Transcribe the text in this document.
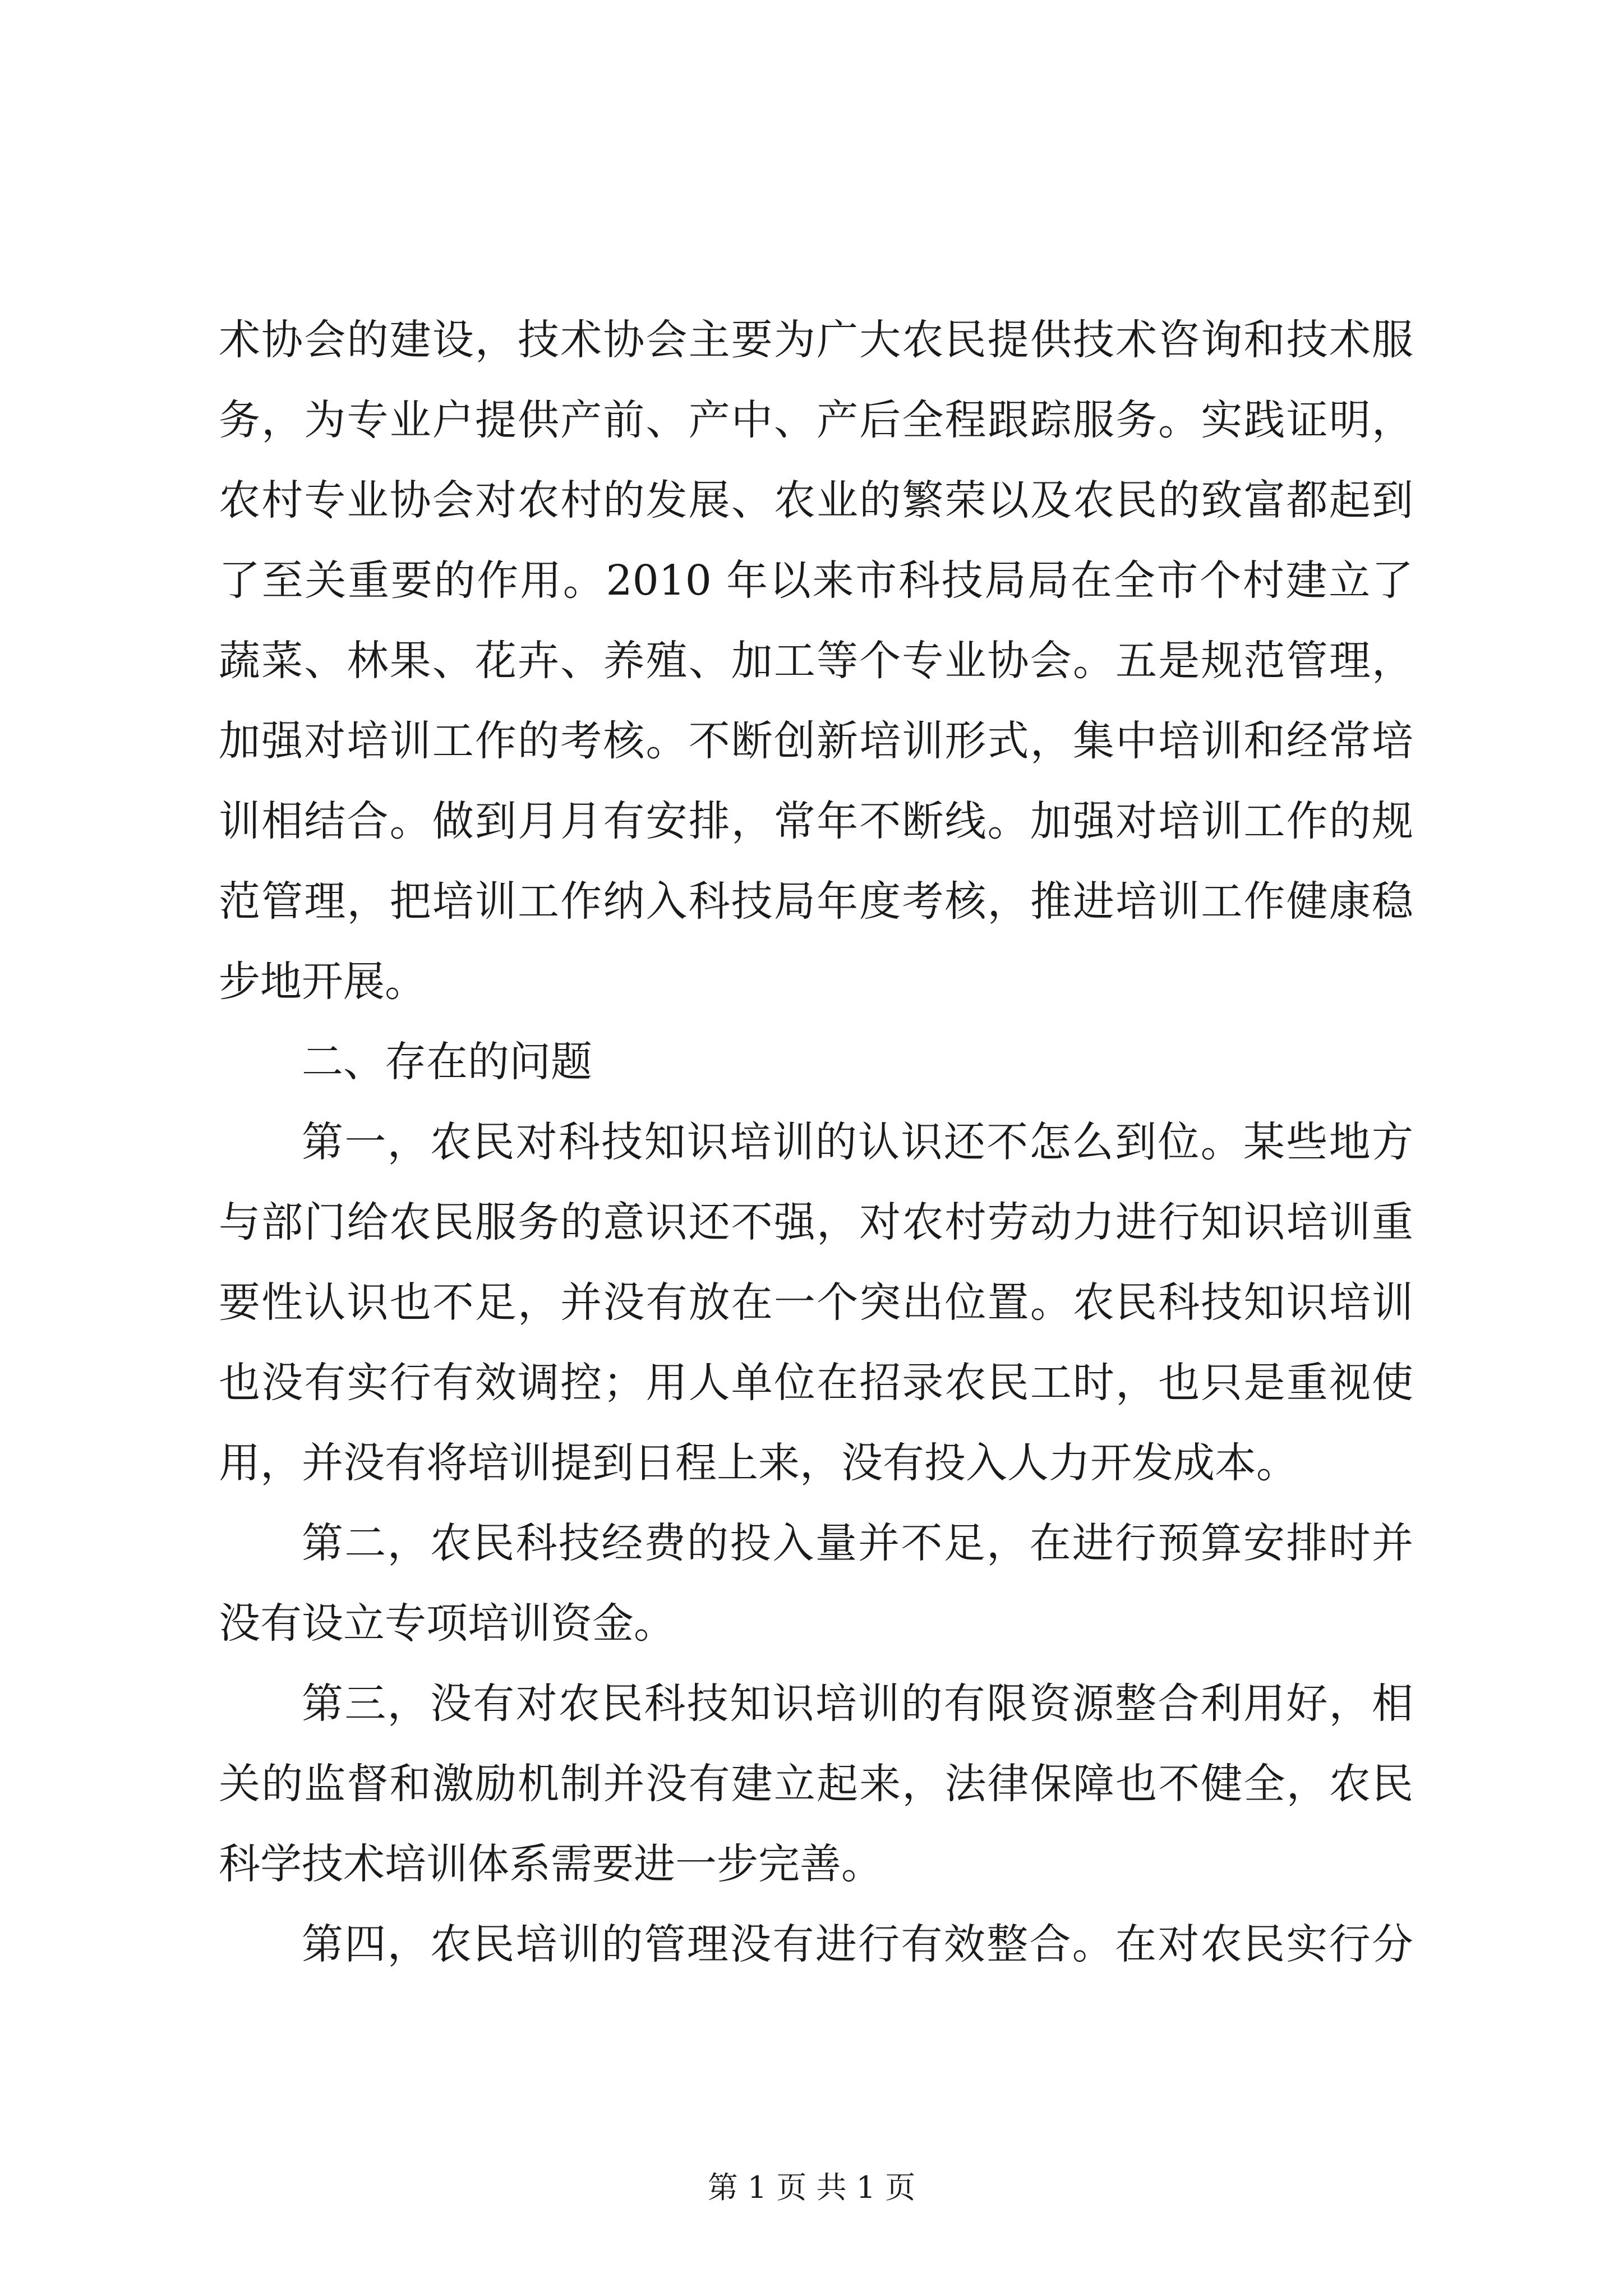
术协会的建设，技术协会主要为广大农民提供技术咨询和技术服
务，为专业户提供产前、产中、产后全程跟踪服务。实践证明，
农村专业协会对农村的发展、农业的繁荣以及农民的致富都起到
了至关重要的作用。2010 年以来市科技局局在全市个村建立了
蔬菜、林果、花卉、养殖、加工等个专业协会。五是规范管理，
加强对培训工作的考核。不断创新培训形式，集中培训和经常培
训相结合。做到月月有安排，常年不断线。加强对培训工作的规
范管理，把培训工作纳入科技局年度考核，推进培训工作健康稳
步地开展。
二、存在的问题
第一，农民对科技知识培训的认识还不怎么到位。某些地方
与部门给农民服务的意识还不强，对农村劳动力进行知识培训重
要性认识也不足，并没有放在一个突出位置。农民科技知识培训
也没有实行有效调控；用人单位在招录农民工时，也只是重视使
用，并没有将培训提到日程上来，没有投入人力开发成本。
第二，农民科技经费的投入量并不足，在进行预算安排时并
没有设立专项培训资金。
第三，没有对农民科技知识培训的有限资源整合利用好，相
关的监督和激励机制并没有建立起来，法律保障也不健全，农民
科学技术培训体系需要进一步完善。
第四，农民培训的管理没有进行有效整合。在对农民实行分
第 1 页 共 1 页
